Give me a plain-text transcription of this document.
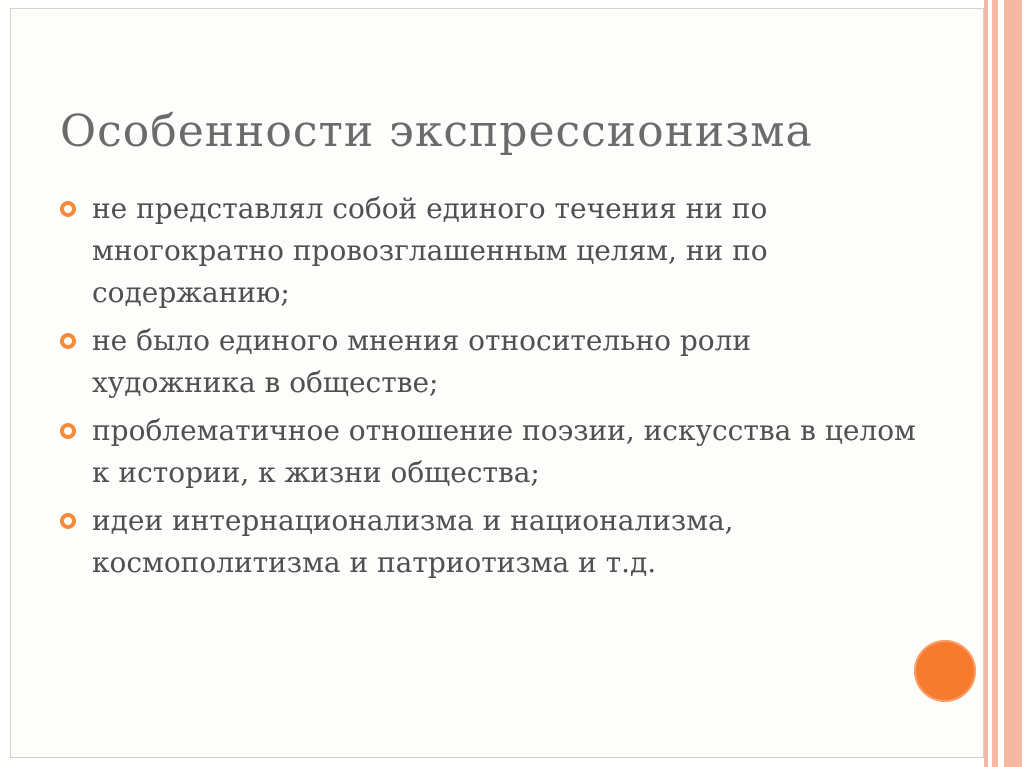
Особенности экспрессионизма
не представлял собой единого течения ни по многократно провозглашенным целям, ни по содержанию;
не было единого мнения относительно роли художника в обществе;
проблематичное отношение поэзии, искусства в целом к истории, к жизни общества;
идеи интернационализма и национализма, космополитизма и патриотизма и т.д.
